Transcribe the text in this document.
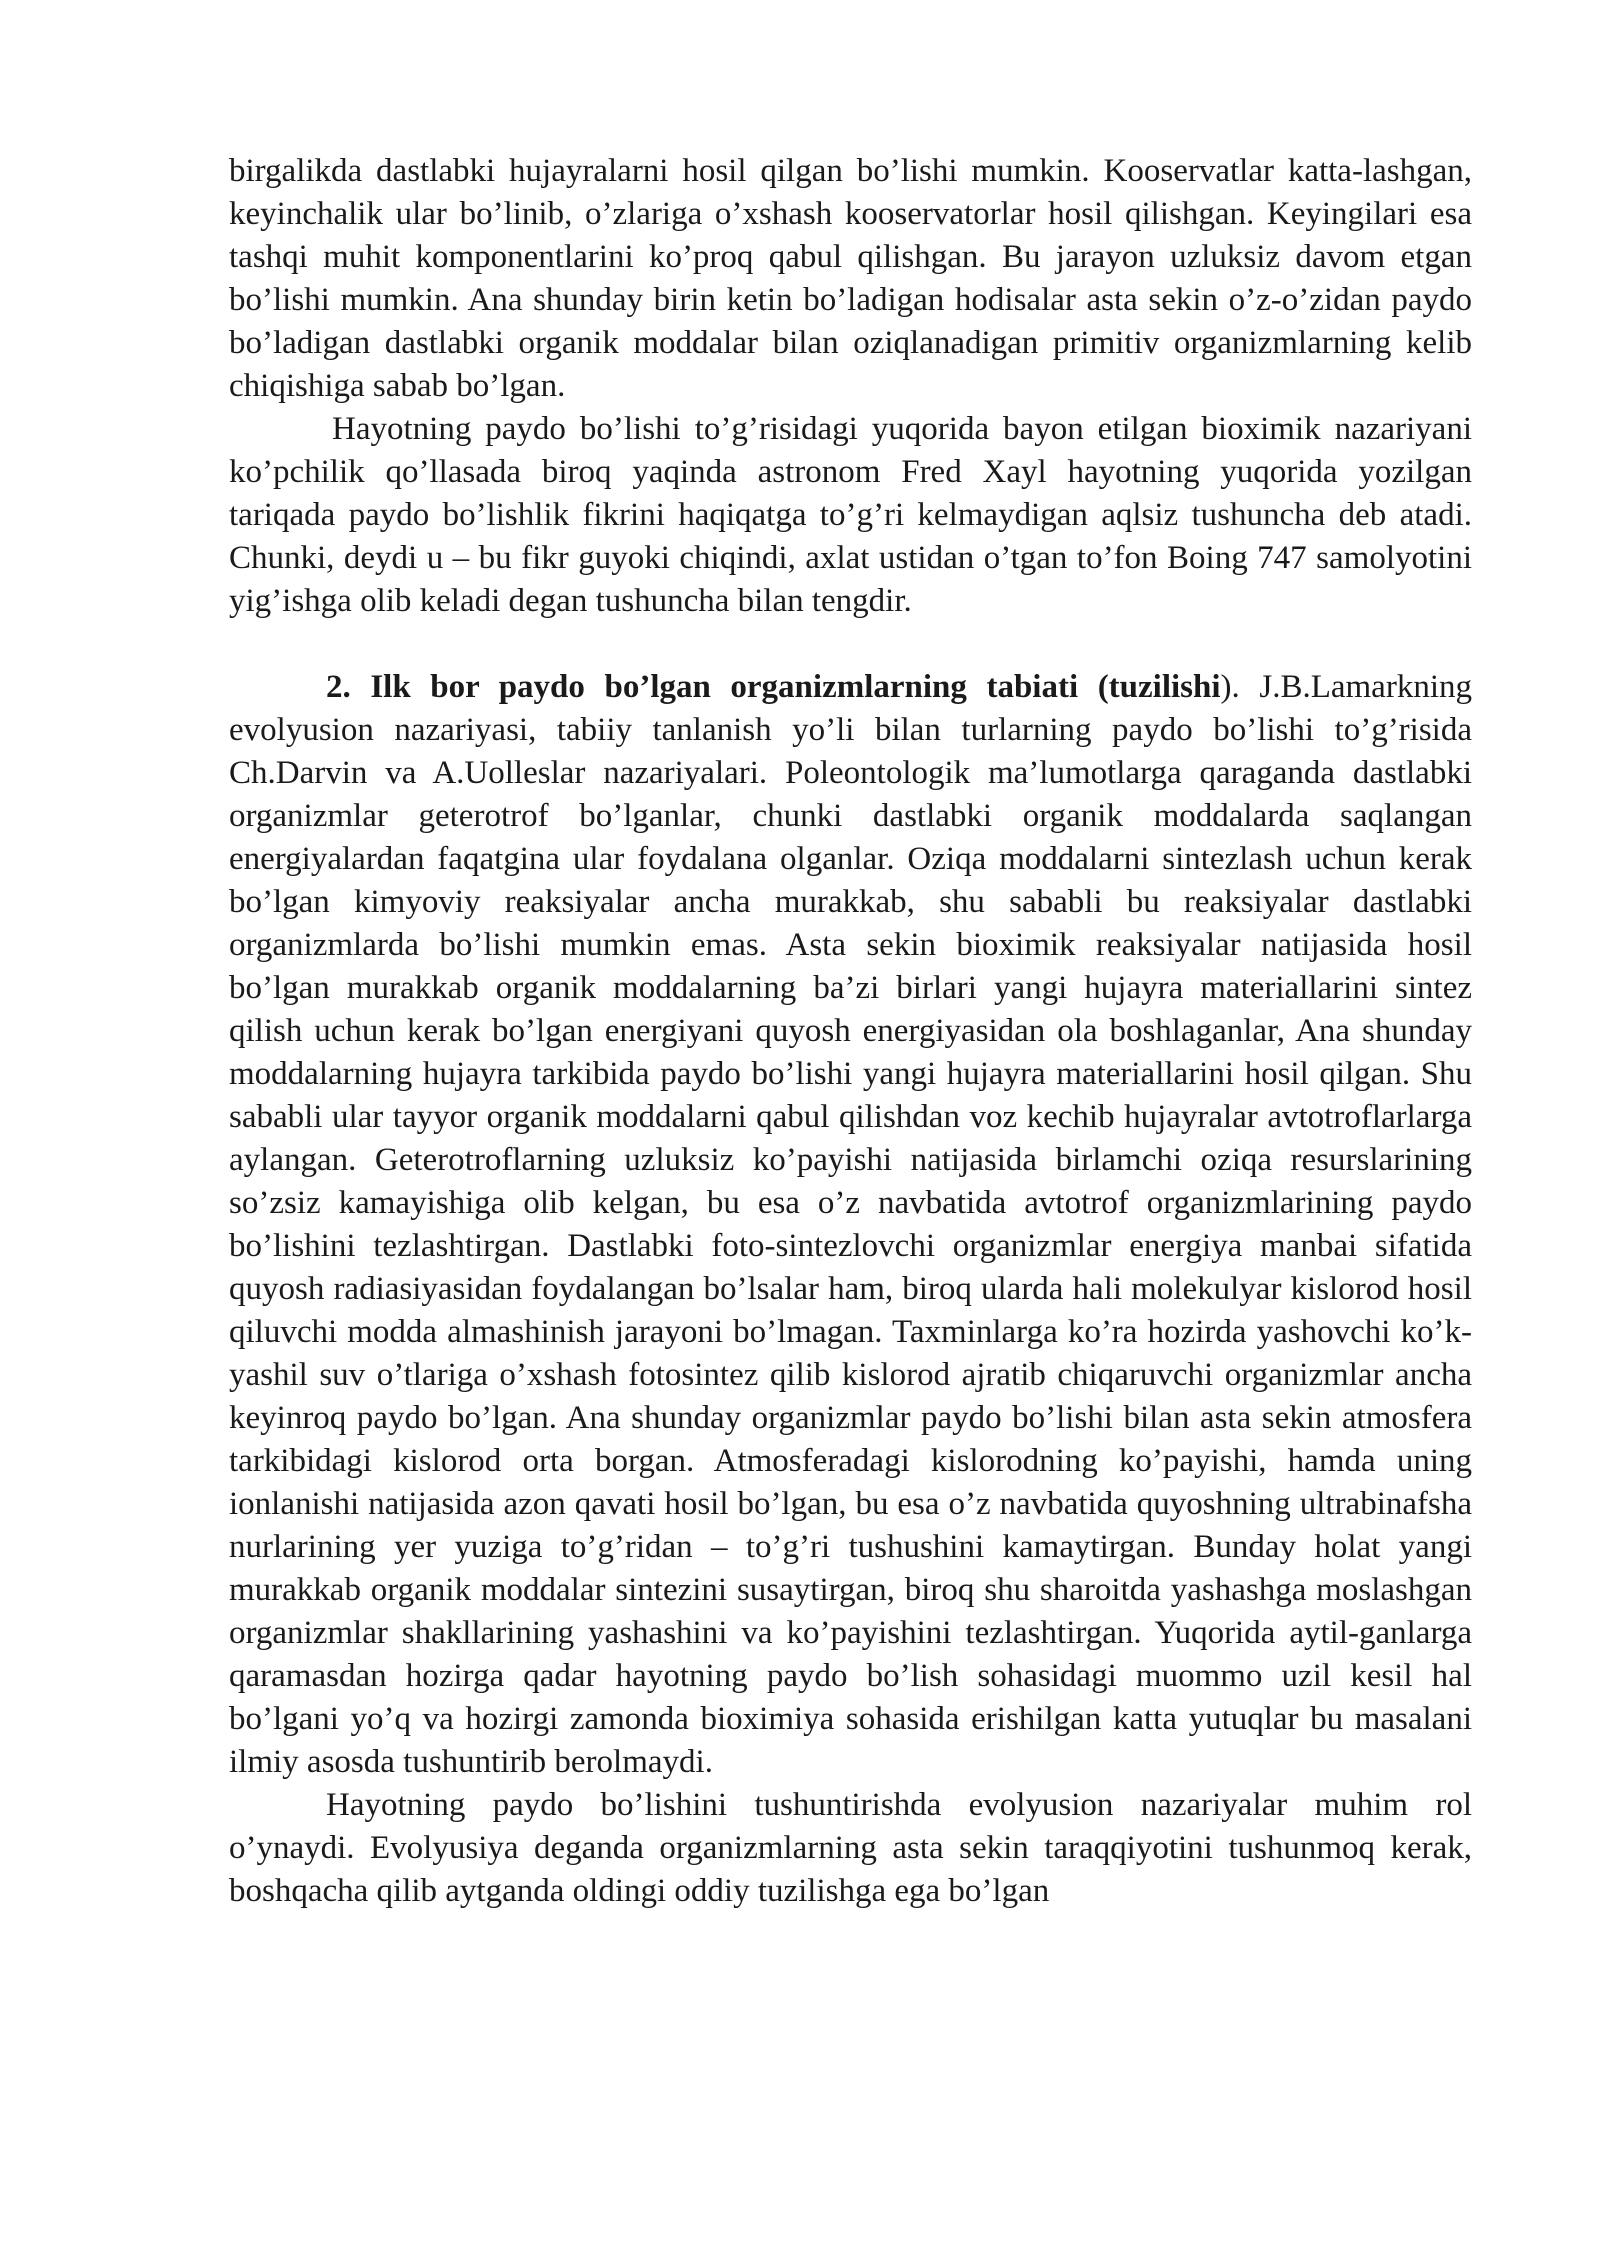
birgalikda dastlabki hujayralarni hosil qilgan bo’lishi mumkin. Kooservatlar katta-lashgan, keyinchalik ular bo’linib, o’zlariga o’xshash kooservatorlar hosil qilishgan. Keyingilari esa tashqi muhit komponentlarini ko’proq qabul qilishgan. Bu jarayon uzluksiz davom etgan bo’lishi mumkin. Ana shunday birin ketin bo’ladigan hodisalar asta sekin o’z-o’zidan paydo bo’ladigan dastlabki organik moddalar bilan oziqlanadigan primitiv organizmlarning kelib chiqishiga sabab bo’lgan.

Hayotning paydo bo’lishi to’g’risidagi yuqorida bayon etilgan bioximik nazariyani ko’pchilik qo’llasada biroq yaqinda astronom Fred Xayl hayotning yuqorida yozilgan tariqada paydo bo’lishlik fikrini haqiqatga to’g’ri kelmaydigan aqlsiz tushuncha deb atadi. Chunki, deydi u – bu fikr guyoki chiqindi, axlat ustidan o’tgan to’fon Boing 747 samolyotini yig’ishga olib keladi degan tushuncha bilan tengdir.

2. Ilk bor paydo bo’lgan organizmlarning tabiati (tuzilishi). J.B.Lamarkning evolyusion nazariyasi, tabiiy tanlanish yo’li bilan turlarning paydo bo’lishi to’g’risida Ch.Darvin va A.Uolleslar nazariyalari. Poleontologik ma’lumotlarga qaraganda dastlabki organizmlar geterotrof bo’lganlar, chunki dastlabki organik moddalarda saqlangan energiyalardan faqatgina ular foydalana olganlar. Oziqa moddalarni sintezlash uchun kerak bo’lgan kimyoviy reaksiyalar ancha murakkab, shu sababli bu reaksiyalar dastlabki organizmlarda bo’lishi mumkin emas. Asta sekin bioximik reaksiyalar natijasida hosil bo’lgan murakkab organik moddalarning ba’zi birlari yangi hujayra materiallarini sintez qilish uchun kerak bo’lgan energiyani quyosh energiyasidan ola boshlaganlar, Ana shunday moddalarning hujayra tarkibida paydo bo’lishi yangi hujayra materiallarini hosil qilgan. Shu sababli ular tayyor organik moddalarni qabul qilishdan voz kechib hujayralar avtotroflarlarga aylangan. Geterotroflarning uzluksiz ko’payishi natijasida birlamchi oziqa resurslarining so’zsiz kamayishiga olib kelgan, bu esa o’z navbatida avtotrof organizmlarining paydo bo’lishini tezlashtirgan. Dastlabki foto-sintezlovchi organizmlar energiya manbai sifatida quyosh radiasiyasidan foydalangan bo’lsalar ham, biroq ularda hali molekulyar kislorod hosil qiluvchi modda almashinish jarayoni bo’lmagan. Taxminlarga ko’ra hozirda yashovchi ko’k-yashil suv o’tlariga o’xshash fotosintez qilib kislorod ajratib chiqaruvchi organizmlar ancha keyinroq paydo bo’lgan. Ana shunday organizmlar paydo bo’lishi bilan asta sekin atmosfera tarkibidagi kislorod orta borgan. Atmosferadagi kislorodning ko’payishi, hamda uning ionlanishi natijasida azon qavati hosil bo’lgan, bu esa o’z navbatida quyoshning ultrabinafsha nurlarining yer yuziga to’g’ridan – to’g’ri tushushini kamaytirgan. Bunday holat yangi murakkab organik moddalar sintezini susaytirgan, biroq shu sharoitda yashashga moslashgan organizmlar shakllarining yashashini va ko’payishini tezlashtirgan. Yuqorida aytil-ganlarga qaramasdan hozirga qadar hayotning paydo bo’lish sohasidagi muommo uzil kesil hal bo’lgani yo’q va hozirgi zamonda bioximiya sohasida erishilgan katta yutuqlar bu masalani ilmiy asosda tushuntirib berolmaydi.

Hayotning paydo bo’lishini tushuntirishda evolyusion nazariyalar muhim rol o’ynaydi. Evolyusiya deganda organizmlarning asta sekin taraqqiyotini tushunmoq kerak, boshqacha qilib aytganda oldingi oddiy tuzilishga ega bo’lgan
